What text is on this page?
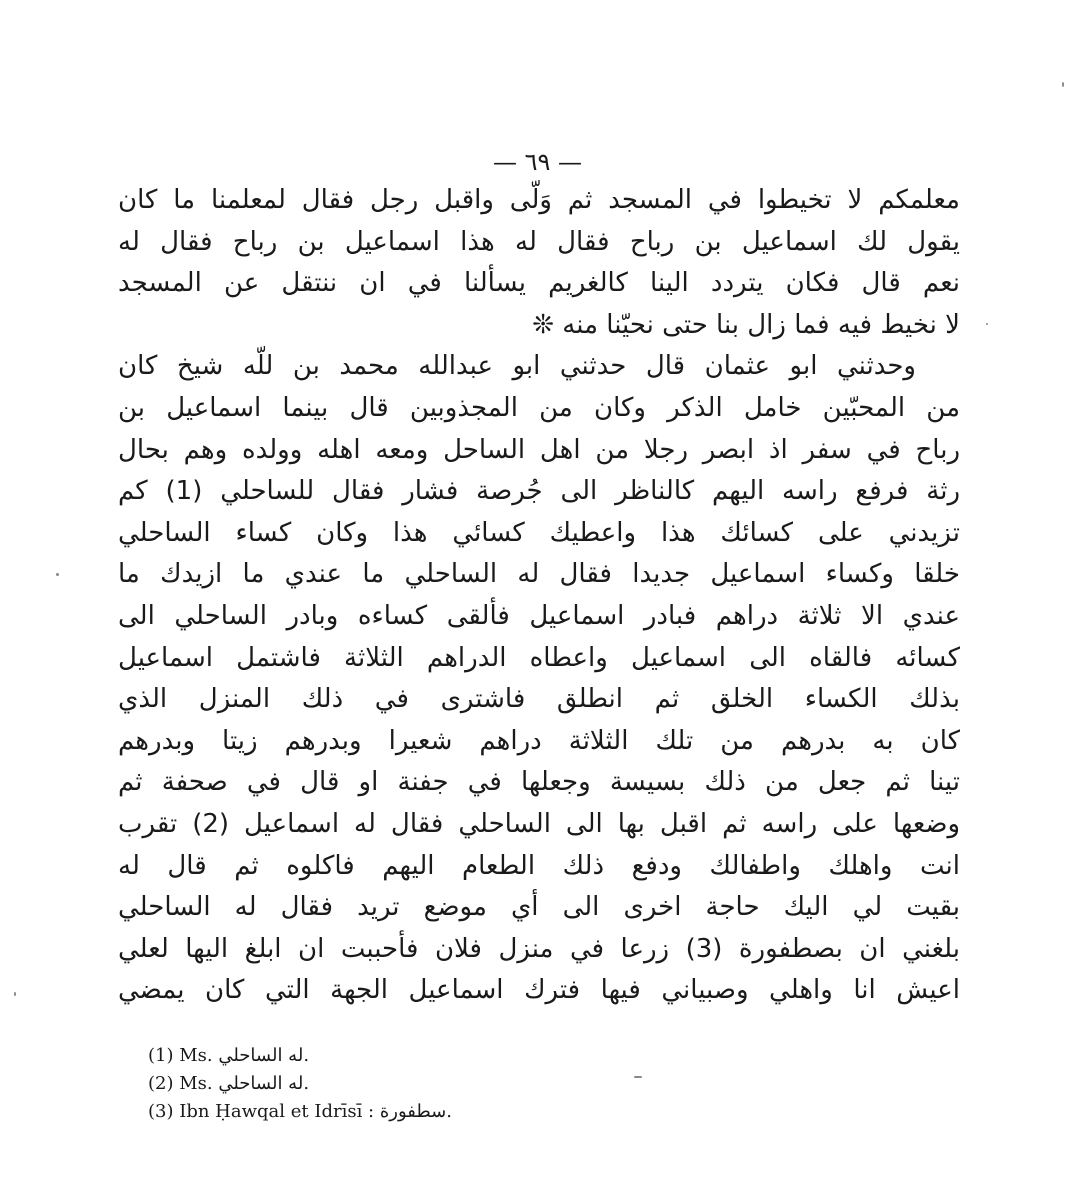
— ٦٩ —
معلمكم لا تخيطوا في المسجد ثم وَلّى واقبل رجل فقال لمعلمنا ما كان
يقول لك اسماعيل بن رباح فقال له هذا اسماعيل بن رباح فقال له
نعم قال فكان يتردد الينا كالغريم يسألنا في ان ننتقل عن المسجد
لا نخيط فيه فما زال بنا حتى نحيّنا منه ❊
وحدثني ابو عثمان قال حدثني ابو عبدالله محمد بن للّه شيخ كان
من المحبّين خامل الذكر وكان من المجذوبين قال بينما اسماعيل بن
رباح في سفر اذ ابصر رجلا من اهل الساحل ومعه اهله وولده وهم بحال
رثة فرفع راسه اليهم كالناظر الى جُرصة فشار فقال للساحلي (1) كم
تزيدني على كسائك هذا واعطيك كسائي هذا وكان كساء الساحلي
خلقا وكساء اسماعيل جديدا فقال له الساحلي ما عندي ما ازيدك ما
عندي الا ثلاثة دراهم فبادر اسماعيل فألقى كساءه وبادر الساحلي الى
كسائه فالقاه الى اسماعيل واعطاه الدراهم الثلاثة فاشتمل اسماعيل
بذلك الكساء الخلق ثم انطلق فاشترى في ذلك المنزل الذي
كان به بدرهم من تلك الثلاثة دراهم شعيرا وبدرهم زيتا وبدرهم
تينا ثم جعل من ذلك بسيسة وجعلها في جفنة او قال في صحفة ثم
وضعها على راسه ثم اقبل بها الى الساحلي فقال له اسماعيل (2) تقرب
انت واهلك واطفالك ودفع ذلك الطعام اليهم فاكلوه ثم قال له
بقيت لي اليك حاجة اخرى الى أي موضع تريد فقال له الساحلي
بلغني ان بصطفورة (3) زرعا في منزل فلان فأحببت ان ابلغ اليها لعلي
اعيش انا واهلي وصبياني فيها فترك اسماعيل الجهة التي كان يمضي
(1) Ms. له الساحلي.
(2) Ms. له الساحلي.
(3) Ibn Ḥawqal et Idrīsī : سطفورة.
